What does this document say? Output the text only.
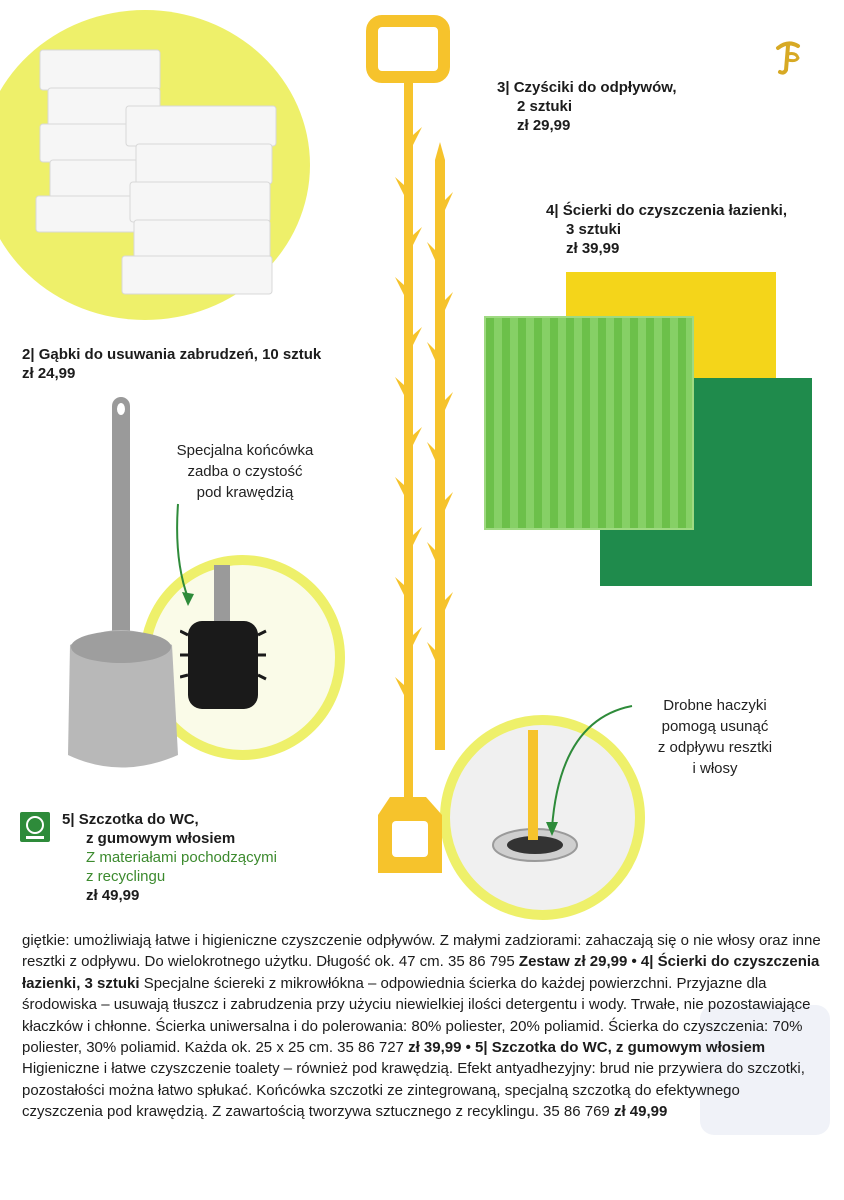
3| Czyściki do odpływów,
2 sztuki
zł 29,99
4| Ścierki do czyszczenia łazienki,
3 sztuki
zł 39,99
2| Gąbki do usuwania zabrudzeń, 10 sztuk
zł 24,99
Specjalna końcówka
zadba o czystość
pod krawędzią
Drobne haczyki
pomogą usunąć
z odpływu resztki
i włosy
5| Szczotka do WC,
z gumowym włosiem
Z materiałami pochodzącymi
z recyclingu
zł 49,99
giętkie: umożliwiają łatwe i higieniczne czyszczenie odpływów. Z małymi zadziorami: zahaczają się o nie włosy oraz inne resztki z odpływu. Do wielokrotnego użytku. Długość ok. 47 cm. 35 86 795 Zestaw zł 29,99 • 4| Ścierki do czyszczenia łazienki, 3 sztuki Specjalne ściereki z mikrowłókna – odpowiednia ścierka do każdej powierzchni. Przyjazne dla środowiska – usuwają tłuszcz i zabrudzenia przy użyciu niewielkiej ilości detergentu i wody. Trwałe, nie pozostawiające kłaczków i chłonne. Ścierka uniwersalna i do polerowania: 80% poliester, 20% poliamid. Ścierka do czyszczenia: 70% poliester, 30% poliamid. Każda ok. 25 x 25 cm. 35 86 727 zł 39,99 • 5| Szczotka do WC, z gumowym włosiem Higieniczne i łatwe czyszczenie toalety – również pod krawędzią. Efekt antyadhezyjny: brud nie przywiera do szczotki, pozostałości można łatwo spłukać. Końcówka szczotki ze zintegrowaną, specjalną szczotką do efektywnego czyszczenia pod krawędzią. Z zawartością tworzywa sztucznego z recyklingu. 35 86 769 zł 49,99
